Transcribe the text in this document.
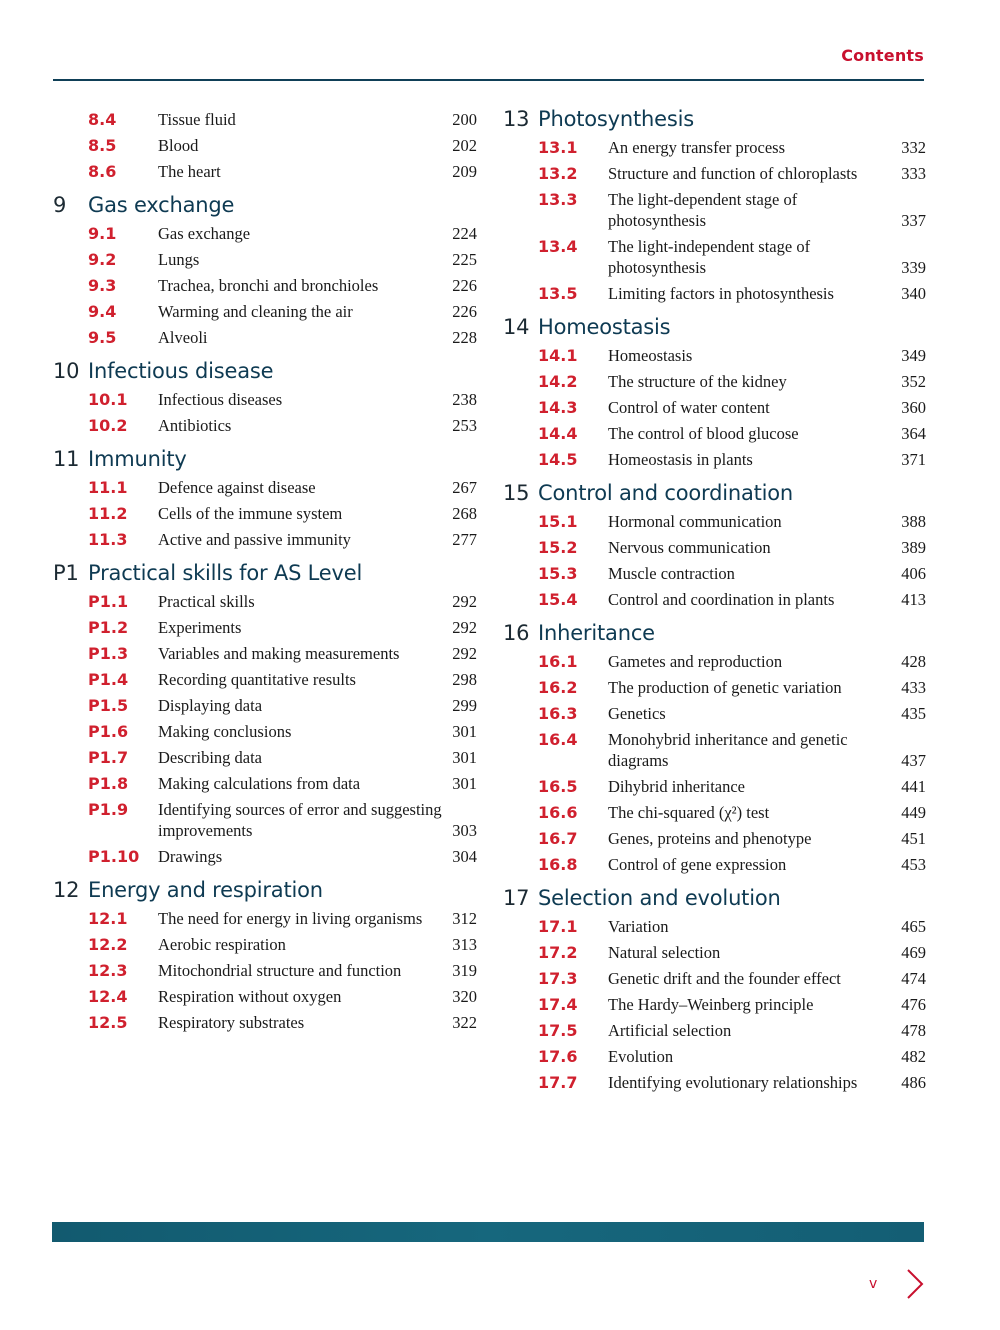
Contents
8.4	Tissue fluid	200
8.5	Blood	202
8.6	The heart	209
9	Gas exchange
9.1	Gas exchange	224
9.2	Lungs	225
9.3	Trachea, bronchi and bronchioles	226
9.4	Warming and cleaning the air	226
9.5	Alveoli	228
10 Infectious disease
10.1	Infectious diseases	238
10.2	Antibiotics	253
11 Immunity
11.1	Defence against disease	267
11.2	Cells of the immune system	268
11.3	Active and passive immunity	277
P1 Practical skills for AS Level
P1.1	Practical skills	292
P1.2	Experiments	292
P1.3	Variables and making measurements	292
P1.4	Recording quantitative results	298
P1.5	Displaying data	299
P1.6	Making conclusions	301
P1.7	Describing data	301
P1.8	Making calculations from data	301
P1.9	Identifying sources of error and suggesting improvements	303
P1.10	Drawings	304
12 Energy and respiration
12.1	The need for energy in living organisms	312
12.2	Aerobic respiration	313
12.3	Mitochondrial structure and function	319
12.4	Respiration without oxygen	320
12.5	Respiratory substrates	322
13 Photosynthesis
13.1	An energy transfer process	332
13.2	Structure and function of chloroplasts	333
13.3	The light-dependent stage of photosynthesis	337
13.4	The light-independent stage of photosynthesis	339
13.5	Limiting factors in photosynthesis	340
14 Homeostasis
14.1	Homeostasis	349
14.2	The structure of the kidney	352
14.3	Control of water content	360
14.4	The control of blood glucose	364
14.5	Homeostasis in plants	371
15 Control and coordination
15.1	Hormonal communication	388
15.2	Nervous communication	389
15.3	Muscle contraction	406
15.4	Control and coordination in plants	413
16 Inheritance
16.1	Gametes and reproduction	428
16.2	The production of genetic variation	433
16.3	Genetics	435
16.4	Monohybrid inheritance and genetic diagrams	437
16.5	Dihybrid inheritance	441
16.6	The chi-squared (χ²) test	449
16.7	Genes, proteins and phenotype	451
16.8	Control of gene expression	453
17 Selection and evolution
17.1	Variation	465
17.2	Natural selection	469
17.3	Genetic drift and the founder effect	474
17.4	The Hardy–Weinberg principle	476
17.5	Artificial selection	478
17.6	Evolution	482
17.7	Identifying evolutionary relationships	486
v
